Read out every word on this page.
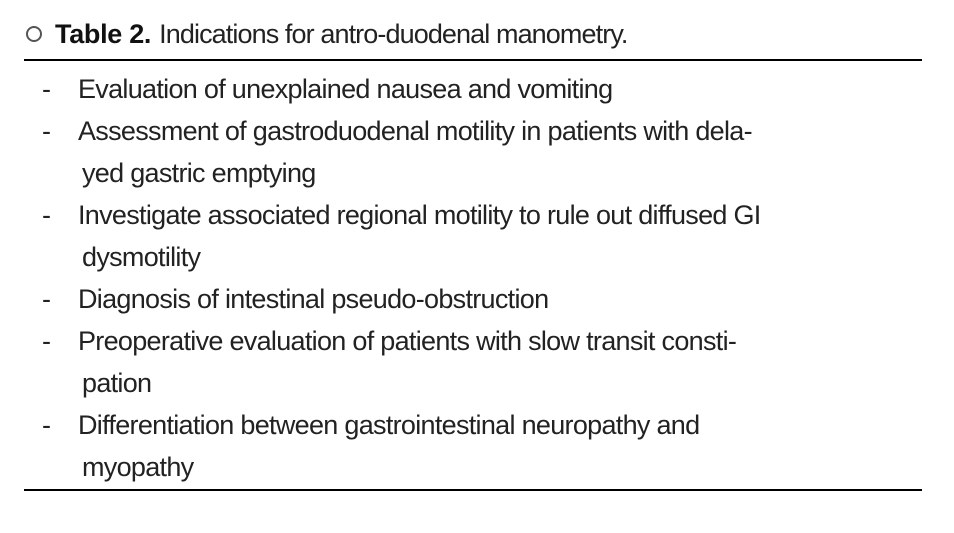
Table 2. Indications for antro-duodenal manometry.
- Evaluation of unexplained nausea and vomiting
- Assessment of gastroduodenal motility in patients with dela-
yed gastric emptying
- Investigate associated regional motility to rule out diffused GI
dysmotility
- Diagnosis of intestinal pseudo-obstruction
- Preoperative evaluation of patients with slow transit consti-
pation
- Differentiation between gastrointestinal neuropathy and
myopathy
